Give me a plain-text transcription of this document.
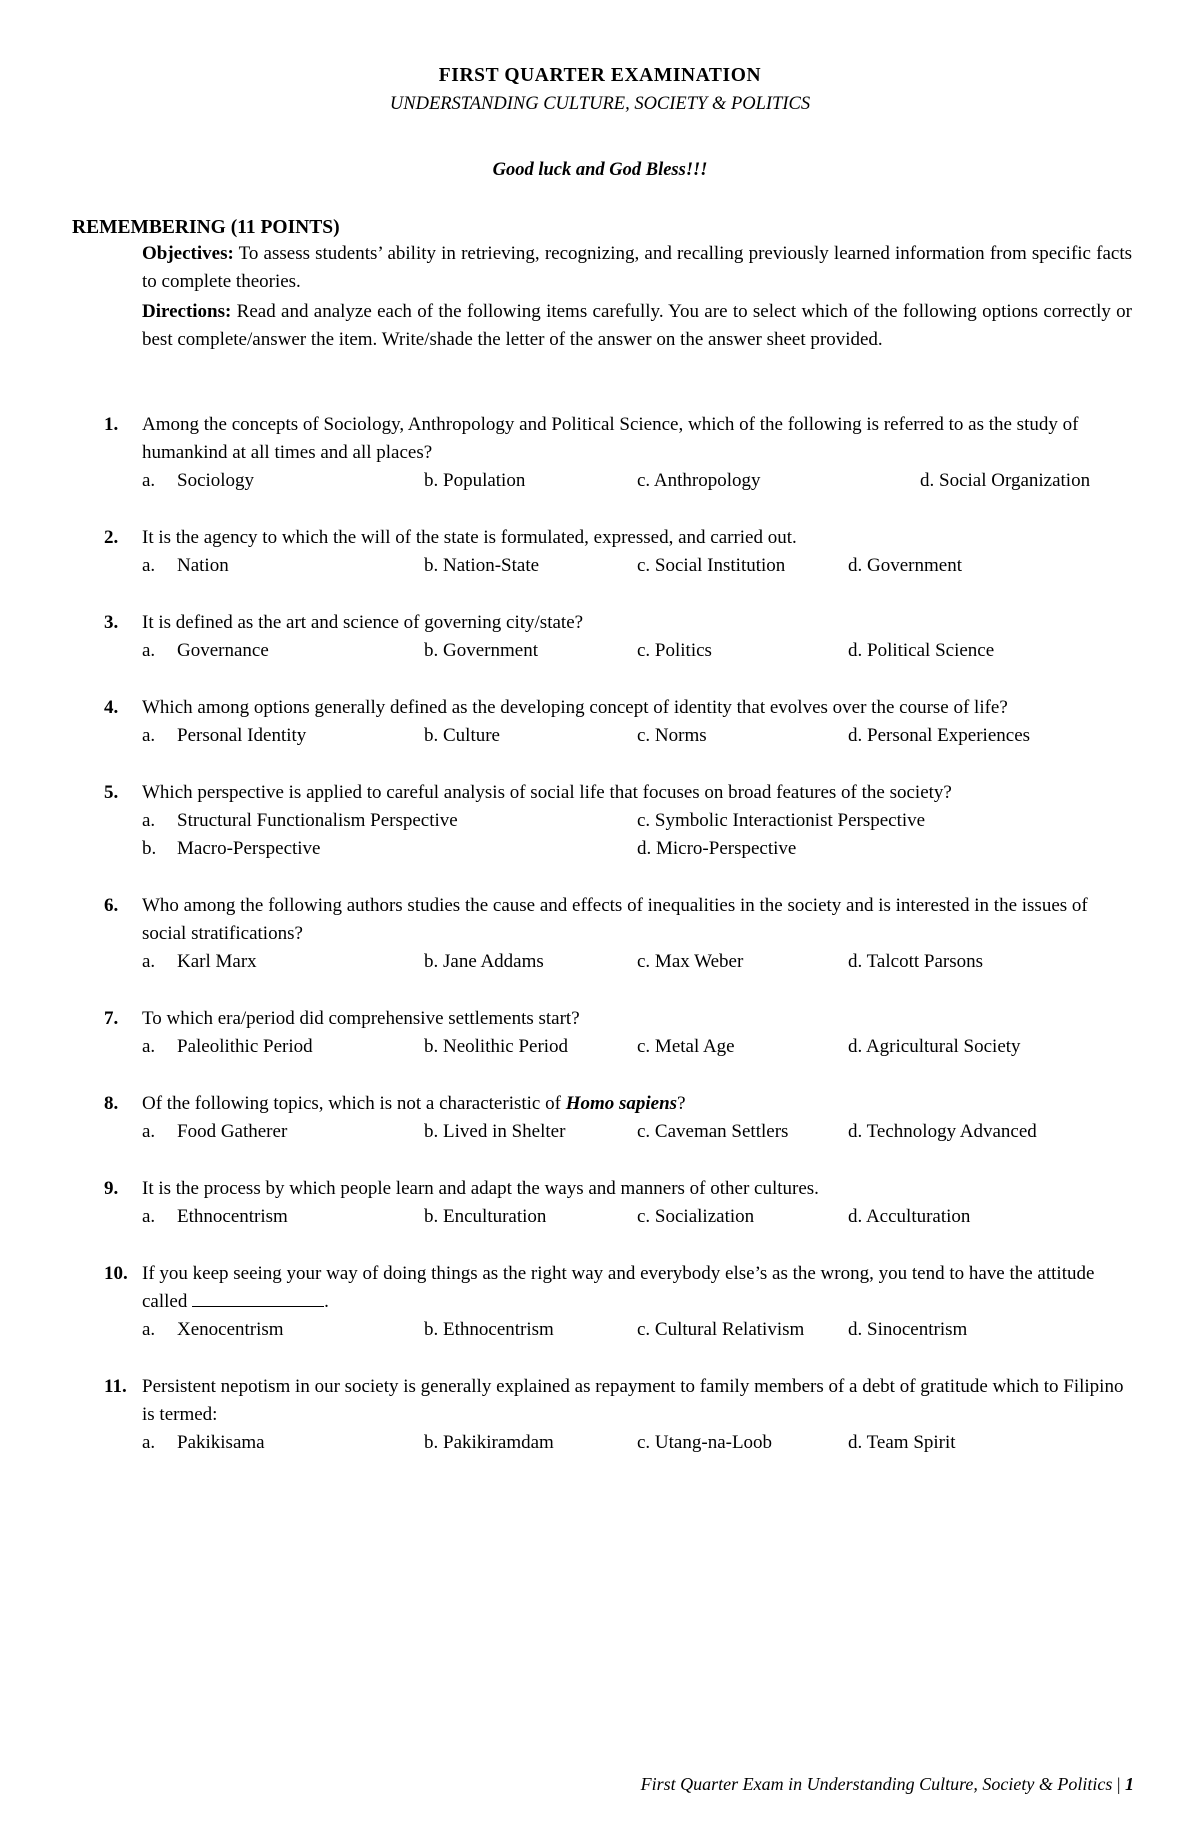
FIRST QUARTER EXAMINATION
UNDERSTANDING CULTURE, SOCIETY & POLITICS
Good luck and God Bless!!!
REMEMBERING (11 POINTS)
Objectives: To assess students’ ability in retrieving, recognizing, and recalling previously learned information from specific facts to complete theories.
Directions: Read and analyze each of the following items carefully. You are to select which of the following options correctly or best complete/answer the item. Write/shade the letter of the answer on the answer sheet provided.
1.	Among the concepts of Sociology, Anthropology and Political Science, which of the following is referred to as the study of humankind at all times and all places?
a. Sociology	b. Population	c. Anthropology	d. Social Organization
2.	It is the agency to which the will of the state is formulated, expressed, and carried out.
a. Nation	b. Nation-State	c. Social Institution	d. Government
3.	It is defined as the art and science of governing city/state?
a. Governance	b. Government	c. Politics	d. Political Science
4.	Which among options generally defined as the developing concept of identity that evolves over the course of life?
a. Personal Identity	b. Culture	c. Norms	d. Personal Experiences
5.	Which perspective is applied to careful analysis of social life that focuses on broad features of the society?
a. Structural Functionalism Perspective	c. Symbolic Interactionist Perspective
b. Macro-Perspective	d. Micro-Perspective
6.	Who among the following authors studies the cause and effects of inequalities in the society and is interested in the issues of social stratifications?
a. Karl Marx	b. Jane Addams	c. Max Weber	d. Talcott Parsons
7.	To which era/period did comprehensive settlements start?
a. Paleolithic Period	b. Neolithic Period	c. Metal Age	d. Agricultural Society
8.	Of the following topics, which is not a characteristic of Homo sapiens?
a. Food Gatherer	b. Lived in Shelter	c. Caveman Settlers	d. Technology Advanced
9.	It is the process by which people learn and adapt the ways and manners of other cultures.
a. Ethnocentrism	b. Enculturation	c. Socialization	d. Acculturation
10. If you keep seeing your way of doing things as the right way and everybody else’s as the wrong, you tend to have the attitude called	.
a. Xenocentrism	b. Ethnocentrism	c. Cultural Relativism d. Sinocentrism
11. Persistent nepotism in our society is generally explained as repayment to family members of a debt of gratitude which to Filipino is termed:
a. Pakikisama	b. Pakikiramdam	c. Utang-na-Loob	d. Team Spirit
First Quarter Exam in Understanding Culture, Society & Politics | 1
